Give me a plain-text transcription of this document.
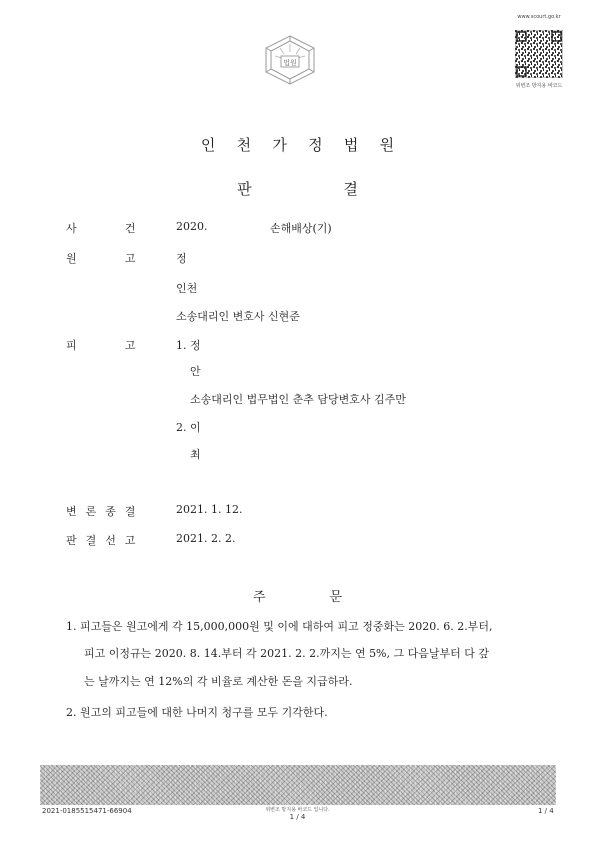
법원
www.scourt.go.kr
위변조 방지용 바코드
인 천 가 정 법 원
판 결
사	건	2020.	손해배상(기)
원	고	정
인천
소송대리인 변호사 신현준
피	고	1. 정
안
소송대리인 법무법인 춘추 담당변호사 김주만
2. 이
최
변 론 종 결	2021. 1. 12.
판 결 선 고	2021. 2. 2.
주 문
1. 피고들은 원고에게 각 15,000,000원 및 이에 대하여 피고 정중화는 2020. 6. 2.부터,
피고 이정규는 2020. 8. 14.부터 각 2021. 2. 2.까지는 연 5%, 그 다음날부터 다 갚
는 날까지는 연 12%의 각 비율로 계산한 돈을 지급하라.
2. 원고의 피고들에 대한 나머지 청구를 모두 기각한다.
2021-0185515471-66904	위변조 방지용 바코드 입니다.
1 / 4
1 / 4
